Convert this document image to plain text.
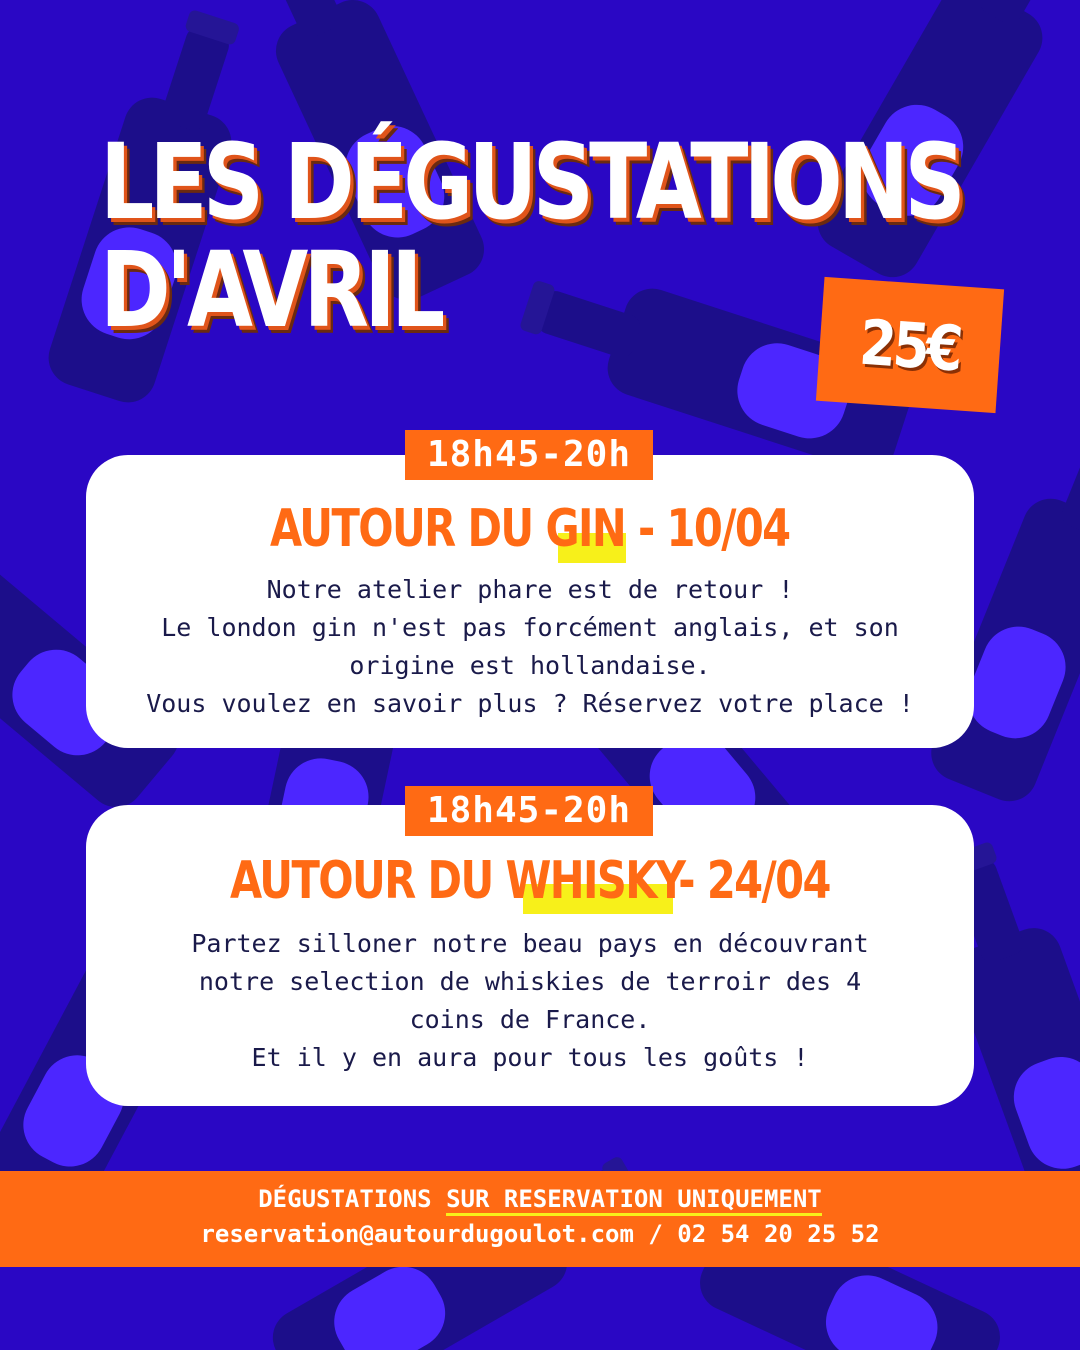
LES DÉGUSTATIONS
D'AVRIL	25€
AUTOUR DU GIN - 10/04
Notre atelier phare est de retour !
Le london gin n'est pas forcément anglais, et son
origine est hollandaise.
Vous voulez en savoir plus ? Réservez votre place !
18h45-20h
AUTOUR DU WHISKY- 24/04
Partez silloner notre beau pays en découvrant
notre selection de whiskies de terroir des 4
coins de France.
Et il y en aura pour tous les goûts !
18h45-20h
DÉGUSTATIONS SUR RESERVATION UNIQUEMENT
reservation@autourdugoulot.com / 02 54 20 25 52
